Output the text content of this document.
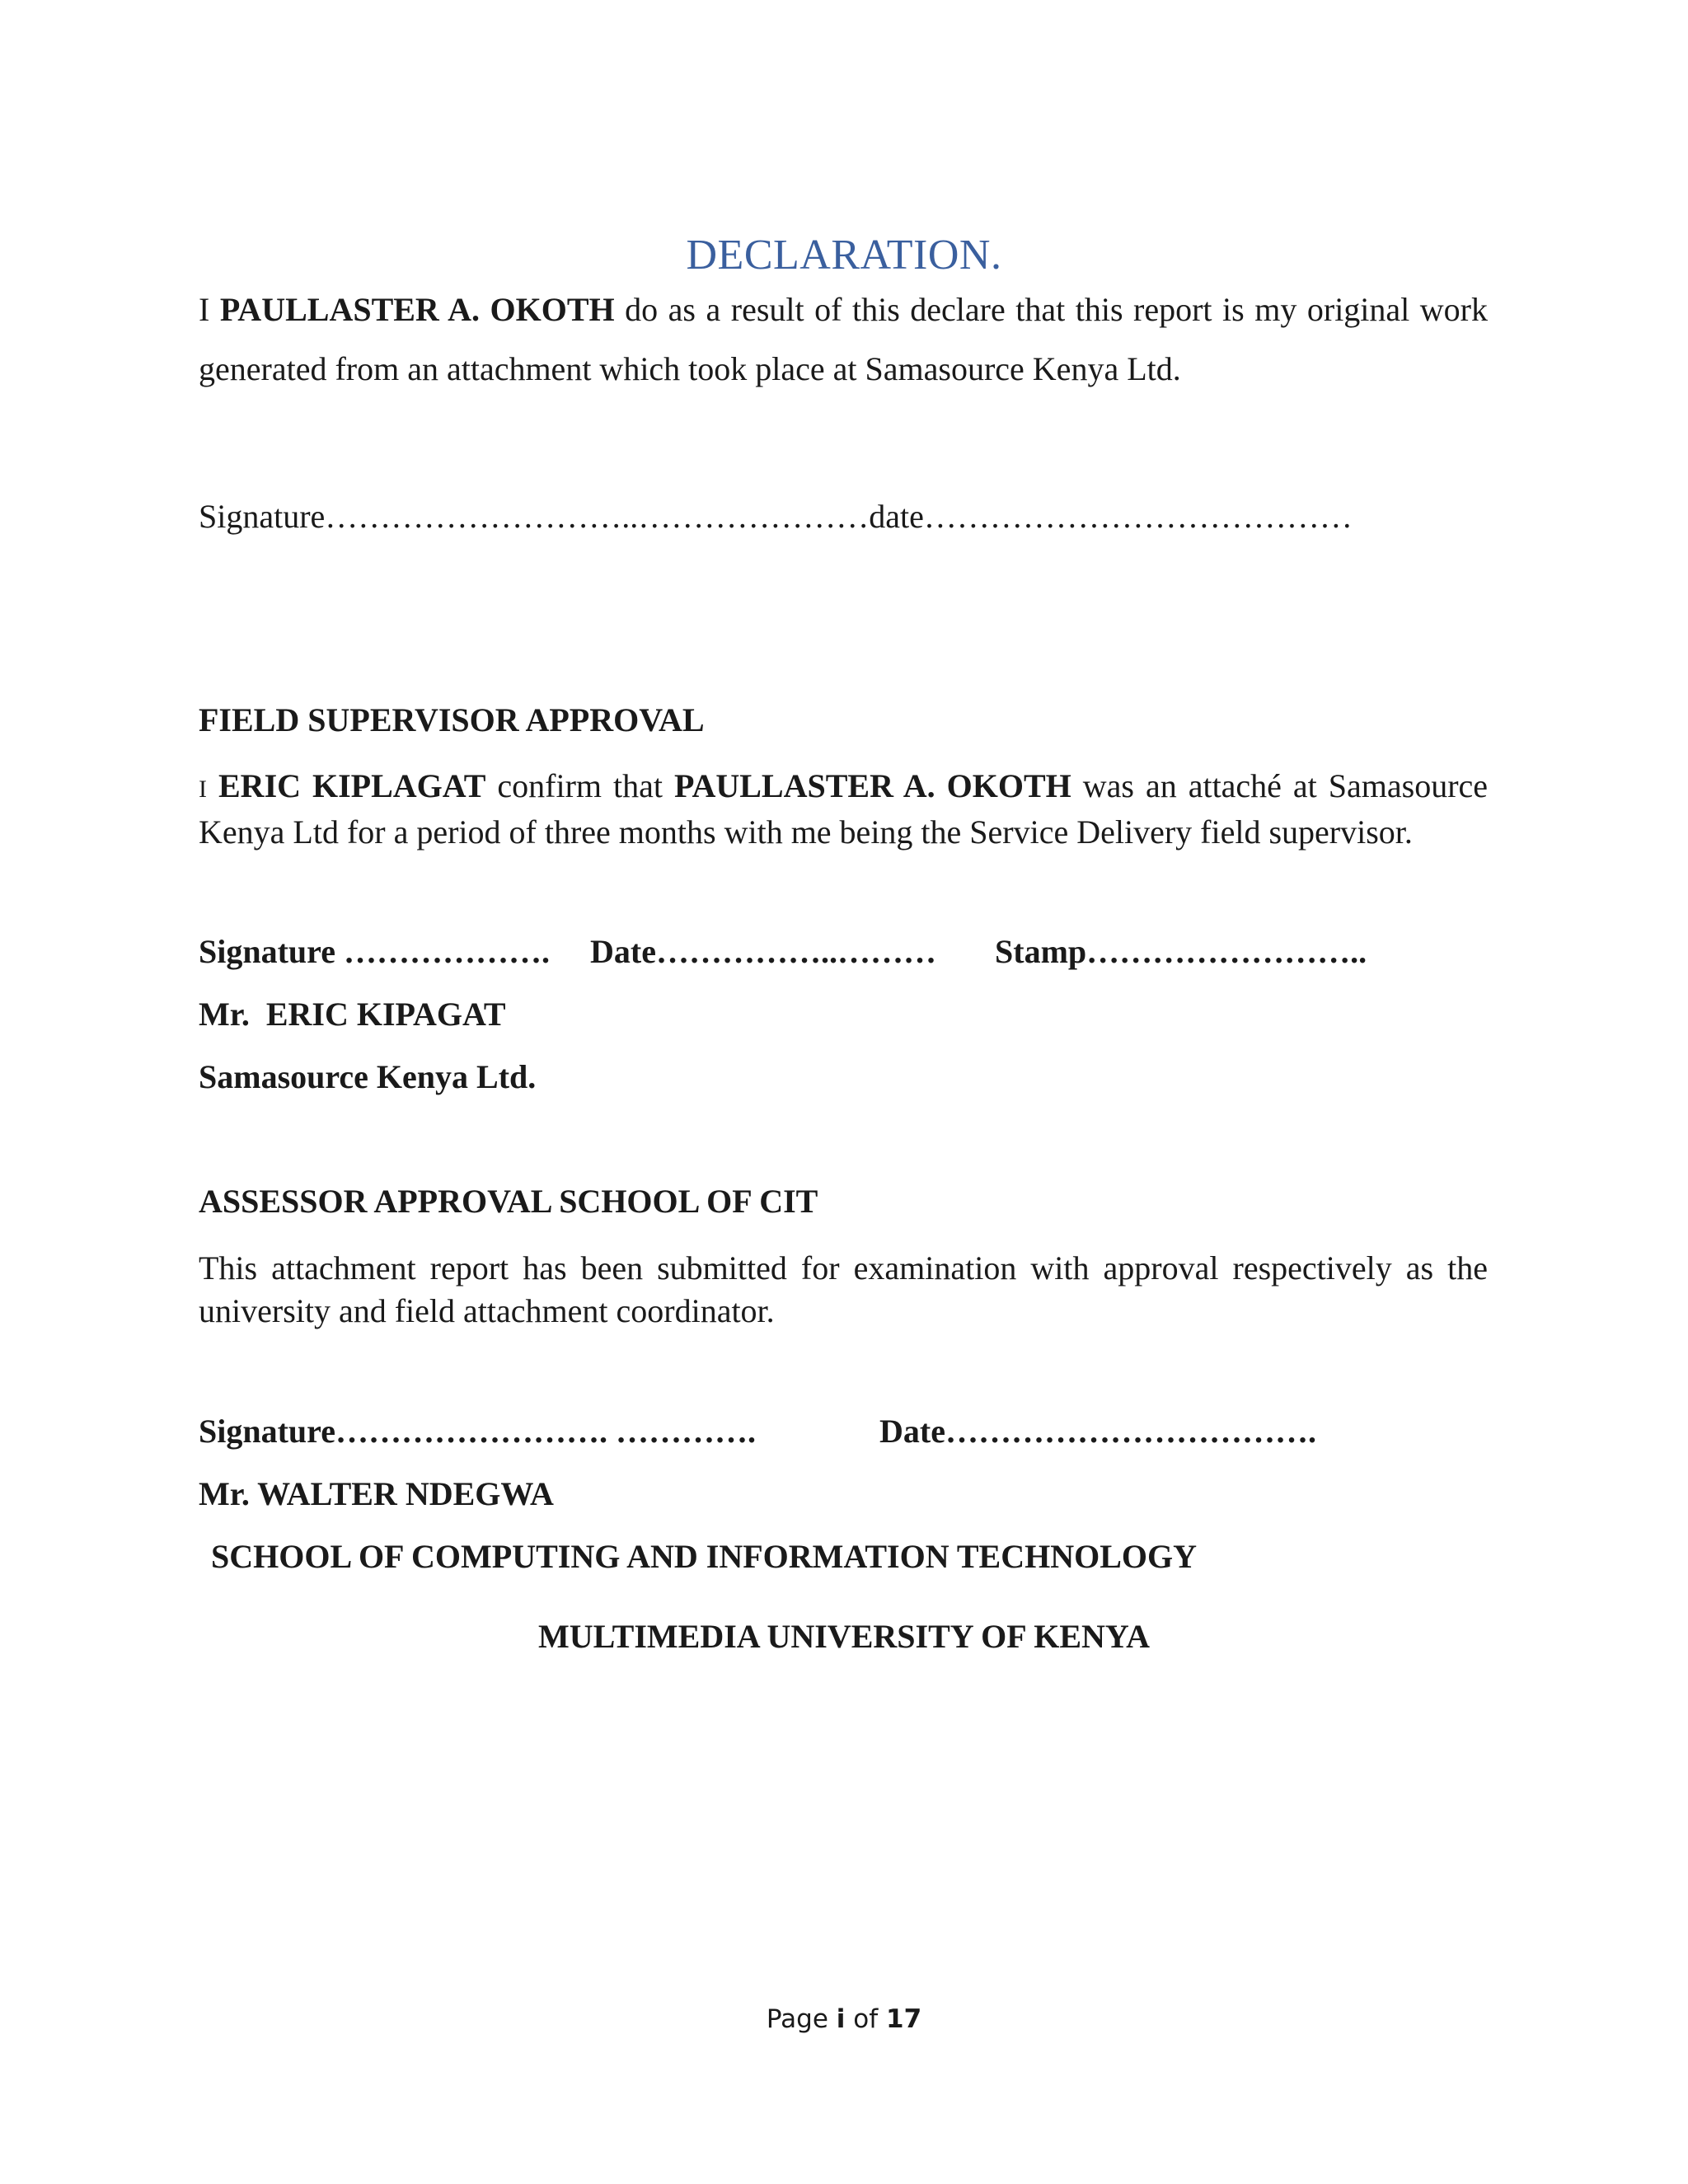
DECLARATION.
I PAULLASTER A. OKOTH do as a result of this declare that this report is my original work
generated from an attachment which took place at Samasource Kenya Ltd.
Signature………………………..…………………date…………………………………
FIELD SUPERVISOR APPROVAL
I ERIC KIPLAGAT confirm that PAULLASTER A. OKOTH was an attaché at Samasource
Kenya Ltd for a period of three months with me being the Service Delivery field supervisor.
Signature ………………. Date……………..……… Stamp……………………..
Mr.  ERIC KIPAGAT
Samasource Kenya Ltd.
ASSESSOR APPROVAL SCHOOL OF CIT
This attachment report has been submitted for examination with approval respectively as the
university and field attachment coordinator.
Signature……………………. ………….	Date…………………………….
Mr. WALTER NDEGWA
SCHOOL OF COMPUTING AND INFORMATION TECHNOLOGY
MULTIMEDIA UNIVERSITY OF KENYA
Page i of 17
